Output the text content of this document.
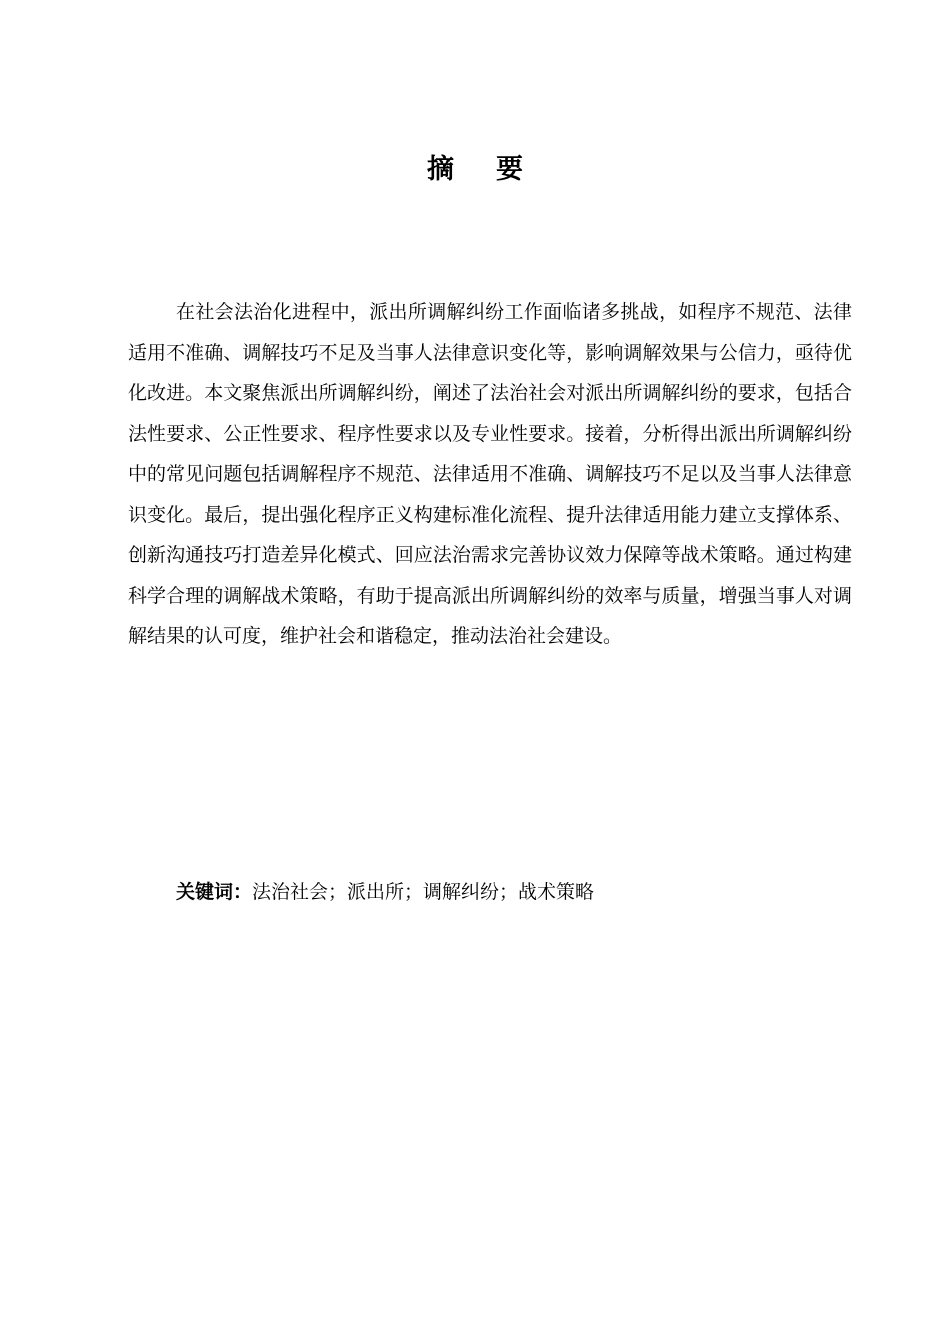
摘要

在社会法治化进程中，派出所调解纠纷工作面临诸多挑战，如程序不规范、法律适用不准确、调解技巧不足及当事人法律意识变化等，影响调解效果与公信力，亟待优化改进。本文聚焦派出所调解纠纷，阐述了法治社会对派出所调解纠纷的要求，包括合法性要求、公正性要求、程序性要求以及专业性要求。接着，分析得出派出所调解纠纷中的常见问题包括调解程序不规范、法律适用不准确、调解技巧不足以及当事人法律意识变化。最后，提出强化程序正义构建标准化流程、提升法律适用能力建立支撑体系、创新沟通技巧打造差异化模式、回应法治需求完善协议效力保障等战术策略。通过构建科学合理的调解战术策略，有助于提高派出所调解纠纷的效率与质量，增强当事人对调解结果的认可度，维护社会和谐稳定，推动法治社会建设。

关键词：法治社会；派出所；调解纠纷；战术策略
